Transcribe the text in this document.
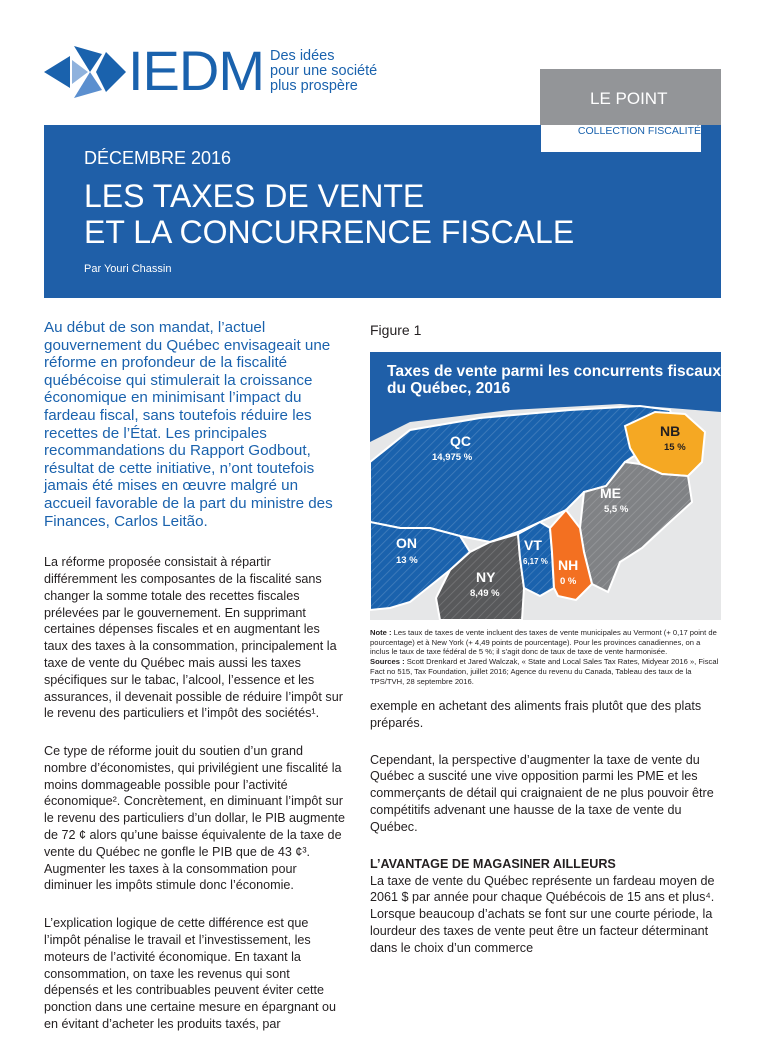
IEDM Des idées
pour une société
plus prospère
LE POINT
COLLECTION FISCALITÉ
DÉCEMBRE 2016
LES TAXES DE VENTE
ET LA CONCURRENCE FISCALE
Par Youri Chassin

Au début de son mandat, l’actuel gouvernement du Québec envisageait une réforme en profondeur de la fiscalité québécoise qui stimulerait la croissance économique en minimisant l’impact du fardeau fiscal, sans toutefois réduire les recettes de l’État. Les principales recommandations du Rapport Godbout, résultat de cette initiative, n’ont toutefois jamais été mises en œuvre malgré un accueil favorable de la part du ministre des Finances, Carlos Leitão.

La réforme proposée consistait à répartir différemment les composantes de la fiscalité sans changer la somme totale des recettes fiscales prélevées par le gouvernement. En supprimant certaines dépenses fiscales et en augmentant les taux des taxes à la consommation, principalement la taxe de vente du Québec mais aussi les taxes spécifiques sur le tabac, l’alcool, l’essence et les assurances, il devenait possible de réduire l’impôt sur le revenu des particuliers et l’impôt des sociétés¹.

Ce type de réforme jouit du soutien d’un grand nombre d’économistes, qui privilégient une fiscalité la moins dommageable possible pour l’activité économique². Concrètement, en diminuant l’impôt sur le revenu des particuliers d’un dollar, le PIB augmente de 72 ¢ alors qu’une baisse équivalente de la taxe de vente du Québec ne gonfle le PIB que de 43 ¢³. Augmenter les taxes à la consommation pour diminuer les impôts stimule donc l’économie.

L’explication logique de cette différence est que l’impôt pénalise le travail et l’investissement, les moteurs de l’activité économique. En taxant la consommation, on taxe les revenus qui sont dépensés et les contribuables peuvent éviter cette ponction dans une certaine mesure en épargnant ou en évitant d’acheter les produits taxés, par

Figure 1
QC
14,975 %
NB
15 %
ME
5,5 %
ON
13 %
VT
6,17 %
NY
8,49 %
NH
0 %
Taxes de vente parmi les concurrents fiscaux
du Québec, 2016
Note : Les taux de taxes de vente incluent des taxes de vente municipales au Vermont (+ 0,17 point de pourcentage) et à New York (+ 4,49 points de pourcentage). Pour les provinces canadiennes, on a inclus le taux de taxe fédéral de 5 %; il s’agit donc de taux de taxe de vente harmonisée.
Sources : Scott Drenkard et Jared Walczak, « State and Local Sales Tax Rates, Midyear 2016 », Fiscal Fact no 515, Tax Foundation, juillet 2016; Agence du revenu du Canada, Tableau des taux de la TPS/TVH, 28 septembre 2016.

exemple en achetant des aliments frais plutôt que des plats préparés.

Cependant, la perspective d’augmenter la taxe de vente du Québec a suscité une vive opposition parmi les PME et les commerçants de détail qui craignaient de ne plus pouvoir être compétitifs advenant une hausse de la taxe de vente du Québec.

L’AVANTAGE DE MAGASINER AILLEURS

La taxe de vente du Québec représente un fardeau moyen de 2061 $ par année pour chaque Québécois de 15 ans et plus⁴. Lorsque beaucoup d’achats se font sur une courte période, la lourdeur des taxes de vente peut être un facteur déterminant dans le choix d’un commerce
